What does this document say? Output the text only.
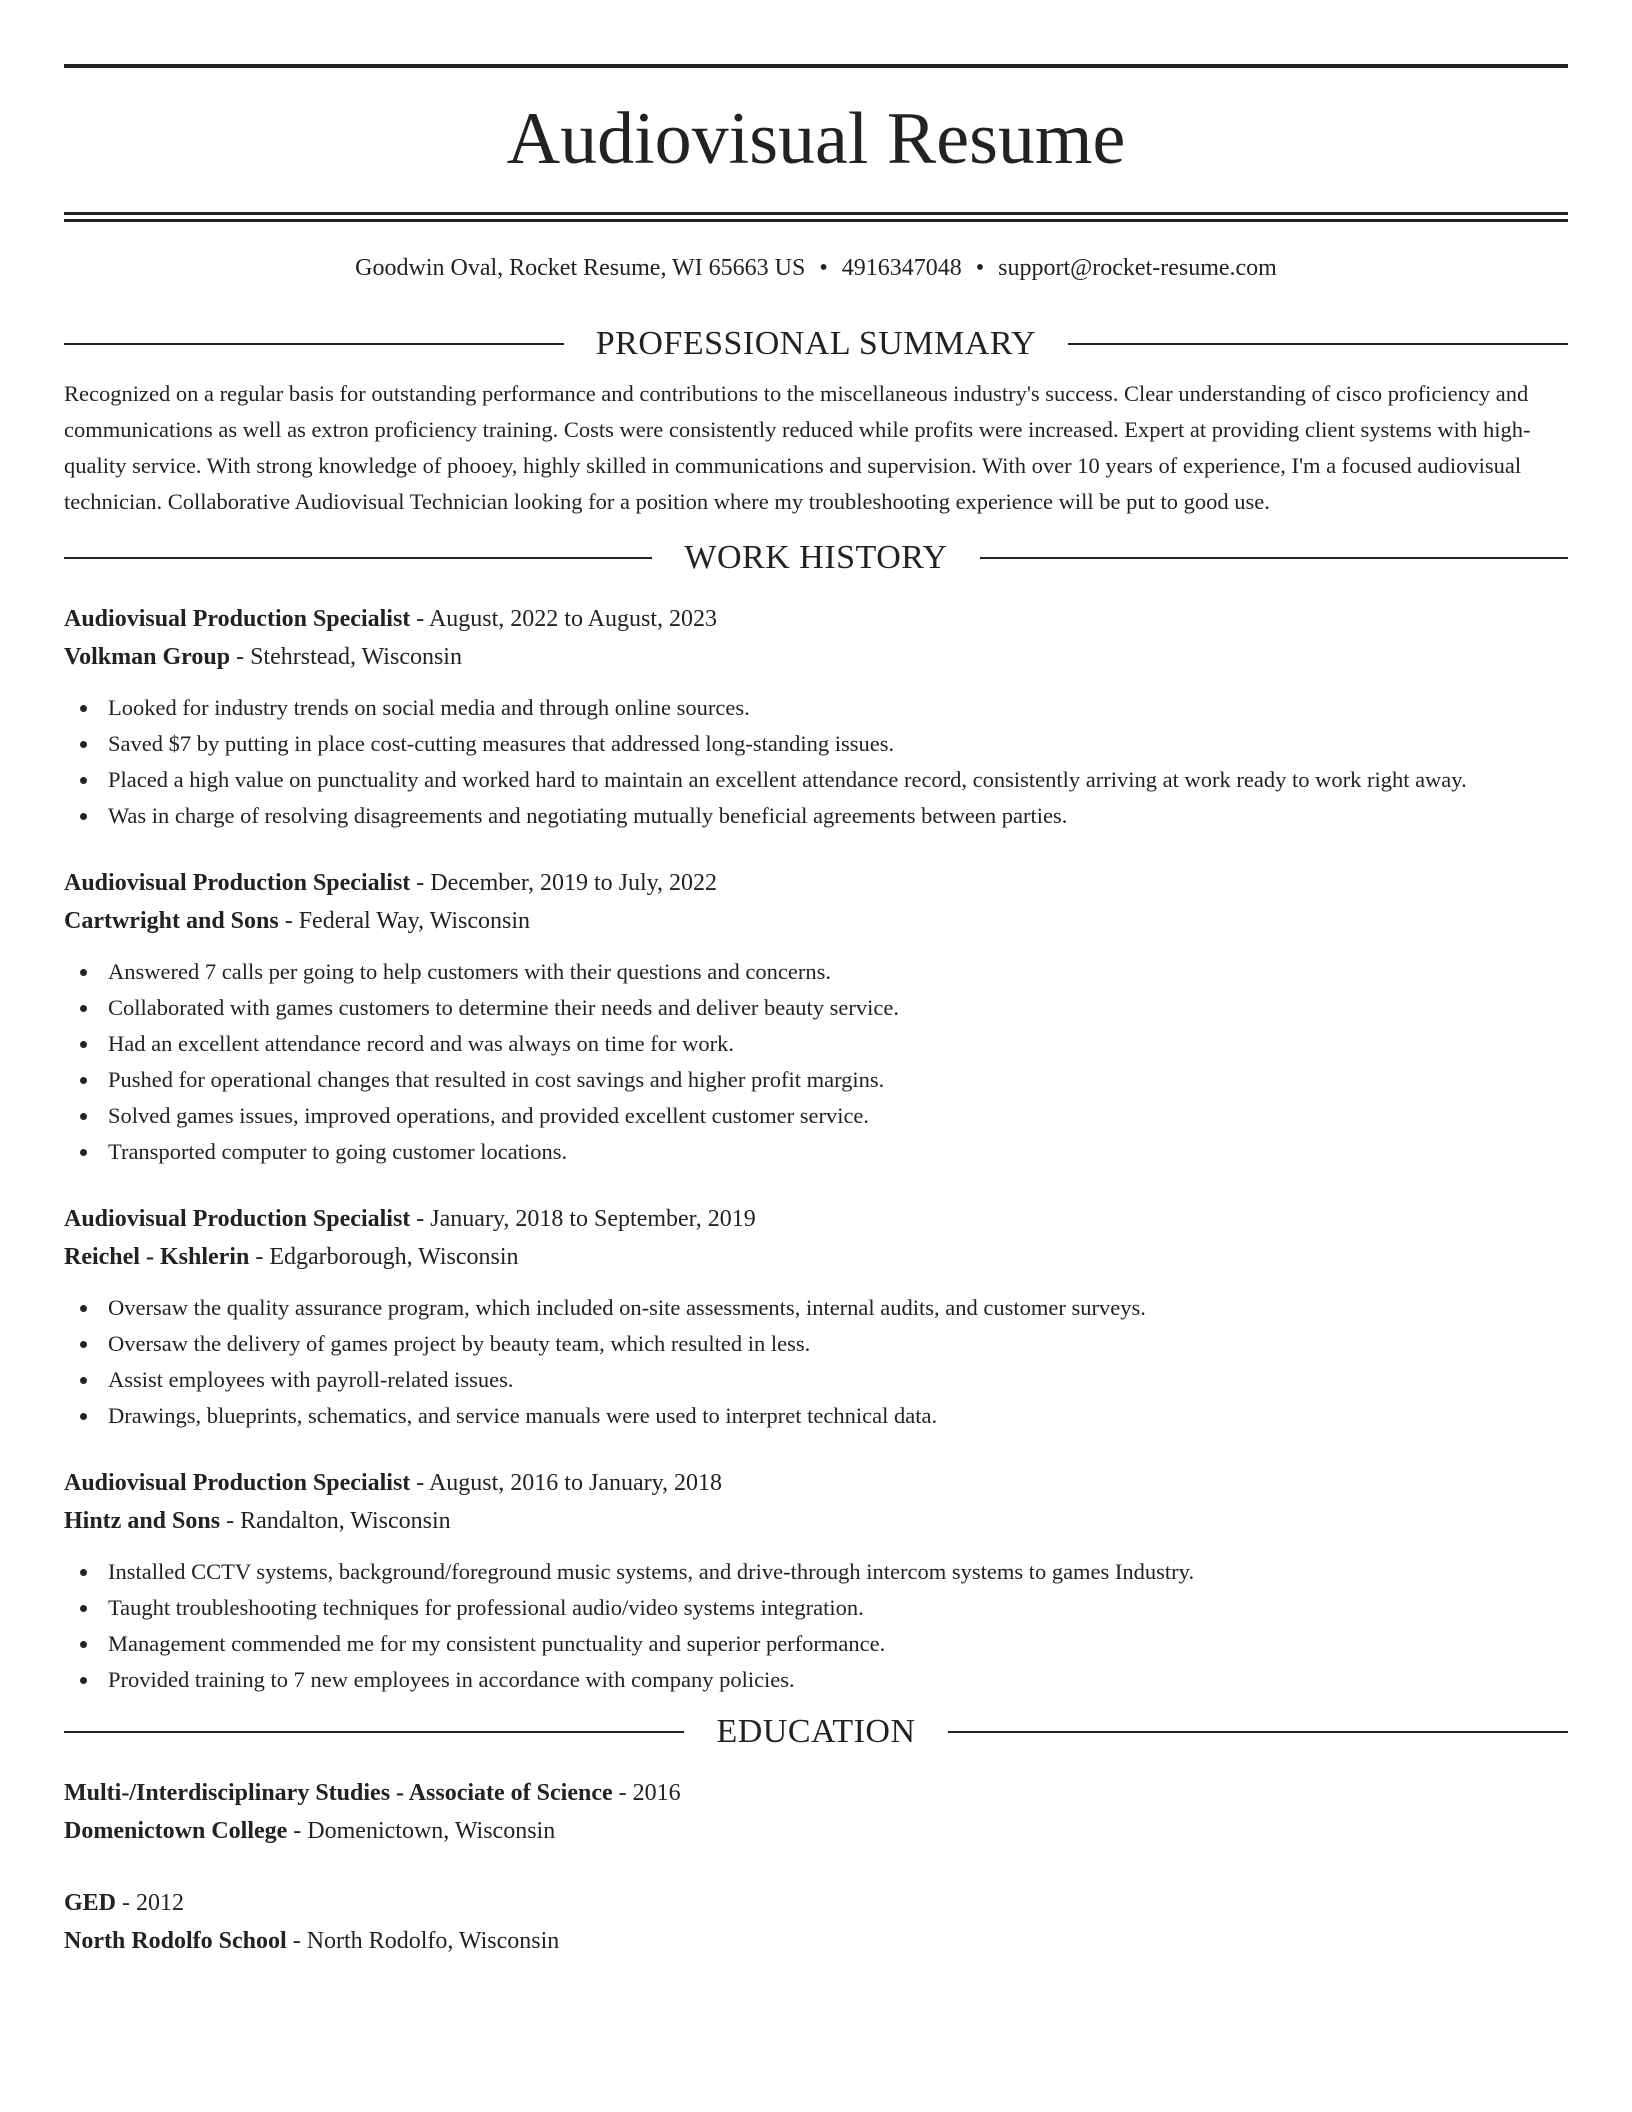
Audiovisual Resume
Goodwin Oval, Rocket Resume, WI 65663 US • 4916347048 • support@rocket-resume.com
PROFESSIONAL SUMMARY

Recognized on a regular basis for outstanding performance and contributions to the miscellaneous industry's success. Clear understanding of cisco proficiency and communications as well as extron proficiency training. Costs were consistently reduced while profits were increased. Expert at providing client systems with high-quality service. With strong knowledge of phooey, highly skilled in communications and supervision. With over 10 years of experience, I'm a focused audiovisual technician. Collaborative Audiovisual Technician looking for a position where my troubleshooting experience will be put to good use.

WORK HISTORY
Audiovisual Production Specialist - August, 2022 to August, 2023
Volkman Group - Stehrstead, Wisconsin
Looked for industry trends on social media and through online sources.
Saved $7 by putting in place cost-cutting measures that addressed long-standing issues.
Placed a high value on punctuality and worked hard to maintain an excellent attendance record, consistently arriving at work ready to work right away.
Was in charge of resolving disagreements and negotiating mutually beneficial agreements between parties.
Audiovisual Production Specialist - December, 2019 to July, 2022
Cartwright and Sons - Federal Way, Wisconsin
Answered 7 calls per going to help customers with their questions and concerns.
Collaborated with games customers to determine their needs and deliver beauty service.
Had an excellent attendance record and was always on time for work.
Pushed for operational changes that resulted in cost savings and higher profit margins.
Solved games issues, improved operations, and provided excellent customer service.
Transported computer to going customer locations.
Audiovisual Production Specialist - January, 2018 to September, 2019
Reichel - Kshlerin - Edgarborough, Wisconsin
Oversaw the quality assurance program, which included on-site assessments, internal audits, and customer surveys.
Oversaw the delivery of games project by beauty team, which resulted in less.
Assist employees with payroll-related issues.
Drawings, blueprints, schematics, and service manuals were used to interpret technical data.
Audiovisual Production Specialist - August, 2016 to January, 2018
Hintz and Sons - Randalton, Wisconsin
Installed CCTV systems, background/foreground music systems, and drive-through intercom systems to games Industry.
Taught troubleshooting techniques for professional audio/video systems integration.
Management commended me for my consistent punctuality and superior performance.
Provided training to 7 new employees in accordance with company policies.
EDUCATION
Multi-/Interdisciplinary Studies - Associate of Science - 2016
Domenictown College - Domenictown, Wisconsin
GED - 2012
North Rodolfo School - North Rodolfo, Wisconsin
